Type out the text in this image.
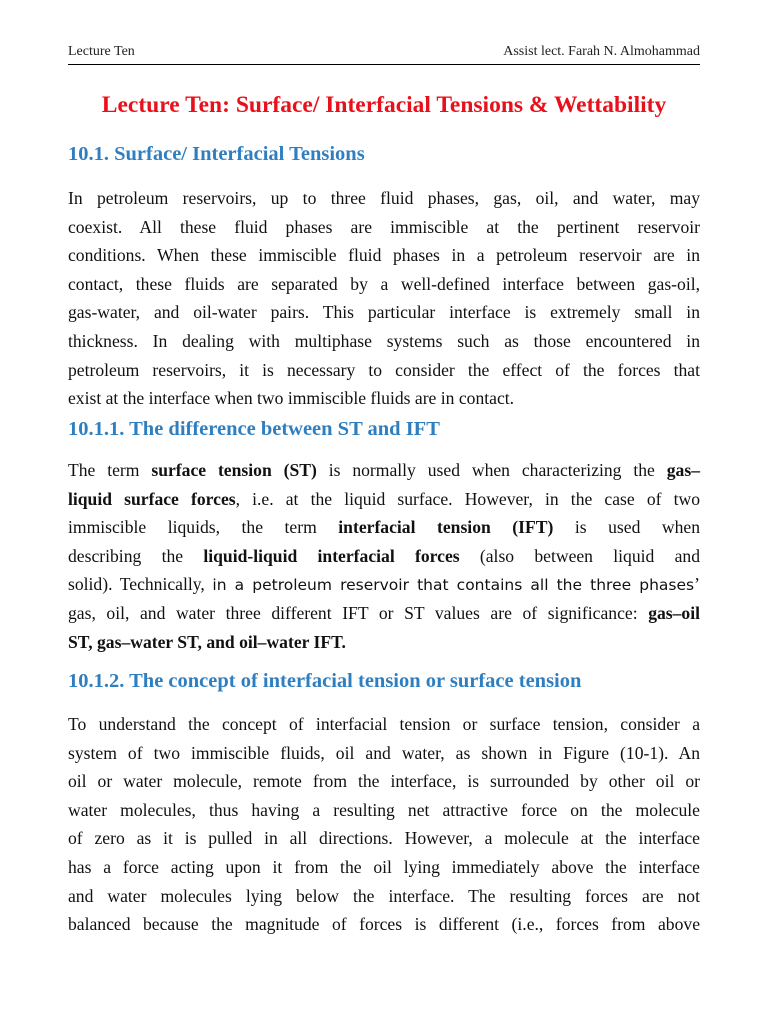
Lecture Ten	Assist lect. Farah N. Almohammad
Lecture Ten: Surface/ Interfacial Tensions & Wettability
10.1. Surface/ Interfacial Tensions
In petroleum reservoirs, up to three fluid phases, gas, oil, and water, may
coexist. All these fluid phases are immiscible at the pertinent reservoir
conditions. When these immiscible fluid phases in a petroleum reservoir are in
contact, these fluids are separated by a well-defined interface between gas-oil,
gas-water, and oil-water pairs. This particular interface is extremely small in
thickness. In dealing with multiphase systems such as those encountered in
petroleum reservoirs, it is necessary to consider the effect of the forces that
exist at the interface when two immiscible fluids are in contact.
10.1.1. The difference between ST and IFT
The term surface tension (ST) is normally used when characterizing the gas–
liquid surface forces, i.e. at the liquid surface. However, in the case of two
immiscible liquids, the term interfacial tension (IFT) is used when
describing the liquid-liquid interfacial forces (also between liquid and
solid). Technically, in a petroleum reservoir that contains all the three phases’
gas, oil, and water three different IFT or ST values are of significance: gas–oil
ST, gas–water ST, and oil–water IFT.
10.1.2. The concept of interfacial tension or surface tension
To understand the concept of interfacial tension or surface tension, consider a
system of two immiscible fluids, oil and water, as shown in Figure (10-1). An
oil or water molecule, remote from the interface, is surrounded by other oil or
water molecules, thus having a resulting net attractive force on the molecule
of zero as it is pulled in all directions. However, a molecule at the interface
has a force acting upon it from the oil lying immediately above the interface
and water molecules lying below the interface. The resulting forces are not
balanced because the magnitude of forces is different (i.e., forces from above
